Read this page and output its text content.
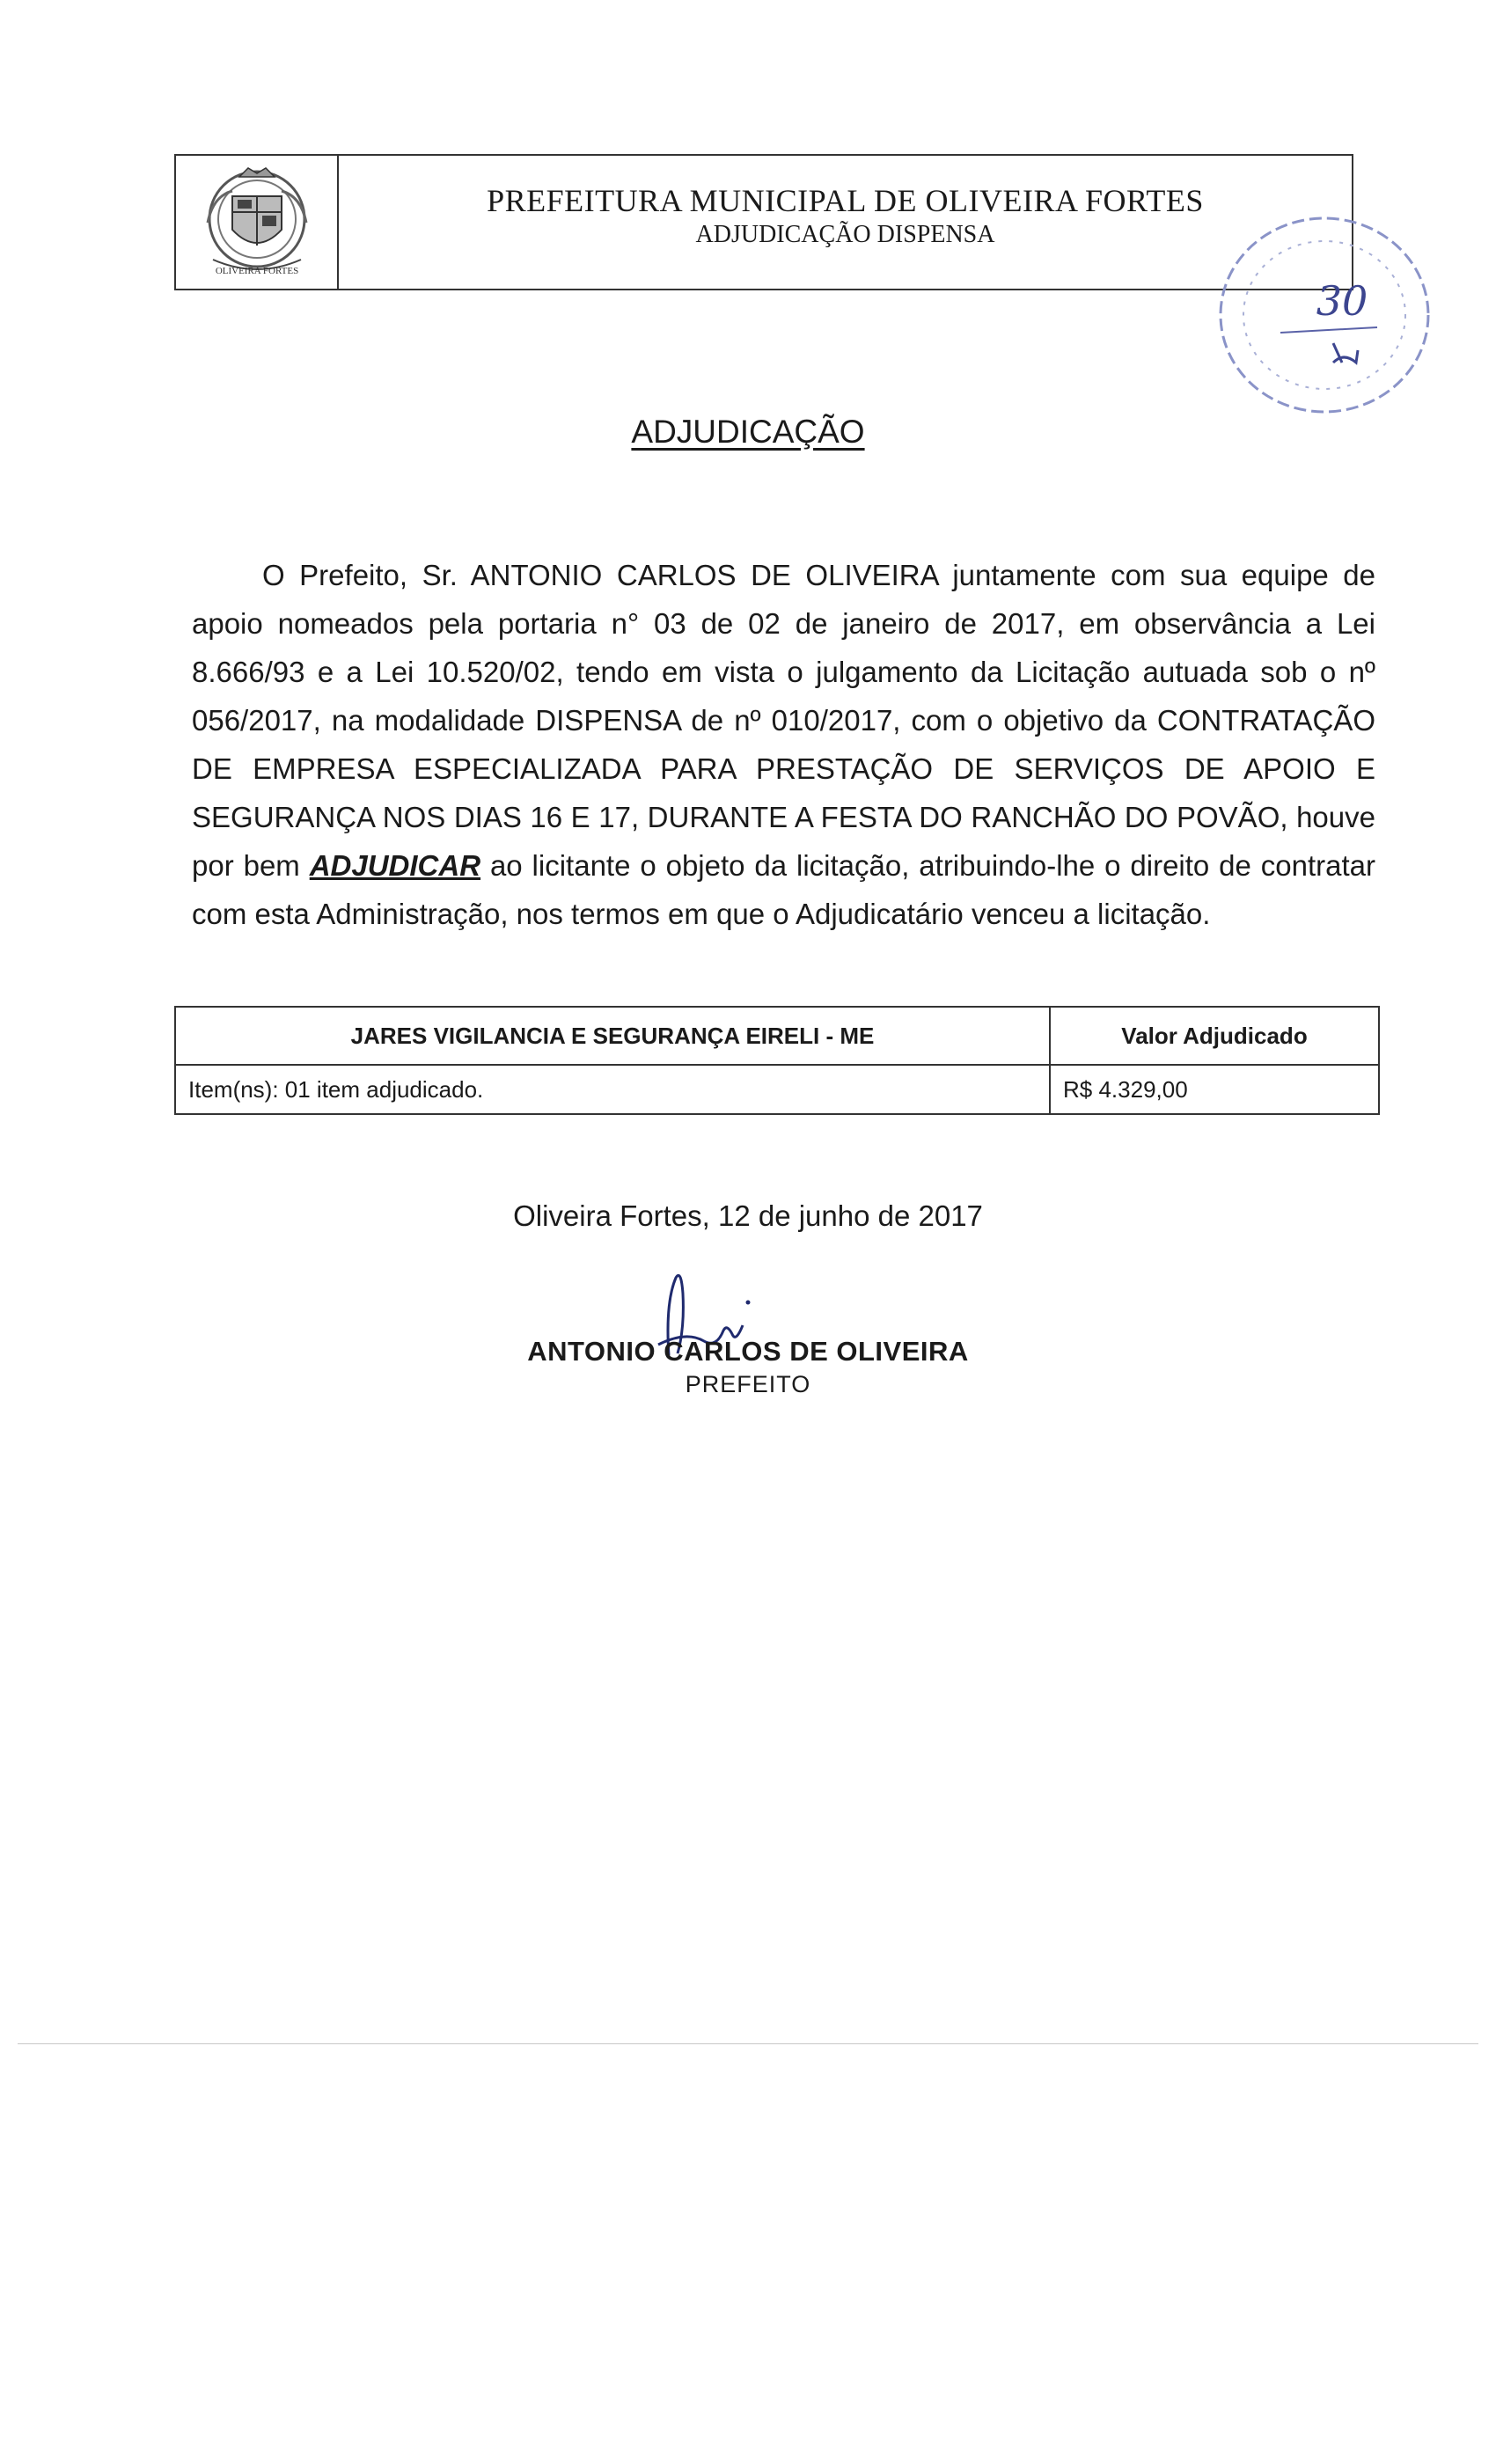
OLIVEIRA FORTES
PREFEITURA MUNICIPAL DE OLIVEIRA FORTES
ADJUDICAÇÃO DISPENSA
30
ADJUDICAÇÃO
O Prefeito, Sr. ANTONIO CARLOS DE OLIVEIRA juntamente com sua equipe de apoio nomeados pela portaria n° 03 de 02 de janeiro de 2017, em observância a Lei 8.666/93 e a Lei 10.520/02, tendo em vista o julgamento da Licitação autuada sob o nº 056/2017, na modalidade DISPENSA de nº 010/2017, com o objetivo da CONTRATAÇÃO DE EMPRESA ESPECIALIZADA PARA PRESTAÇÃO DE SERVIÇOS DE APOIO E SEGURANÇA NOS DIAS 16 E 17, DURANTE A FESTA DO RANCHÃO DO POVÃO, houve por bem ADJUDICAR ao licitante o objeto da licitação, atribuindo-lhe o direito de contratar com esta Administração, nos termos em que o Adjudicatário venceu a licitação.
JARES VIGILANCIA E SEGURANÇA EIRELI - ME	Valor Adjudicado
Item(ns): 01 item adjudicado.	R$ 4.329,00
Oliveira Fortes, 12 de junho de 2017
ANTONIO CARLOS DE OLIVEIRA
PREFEITO
